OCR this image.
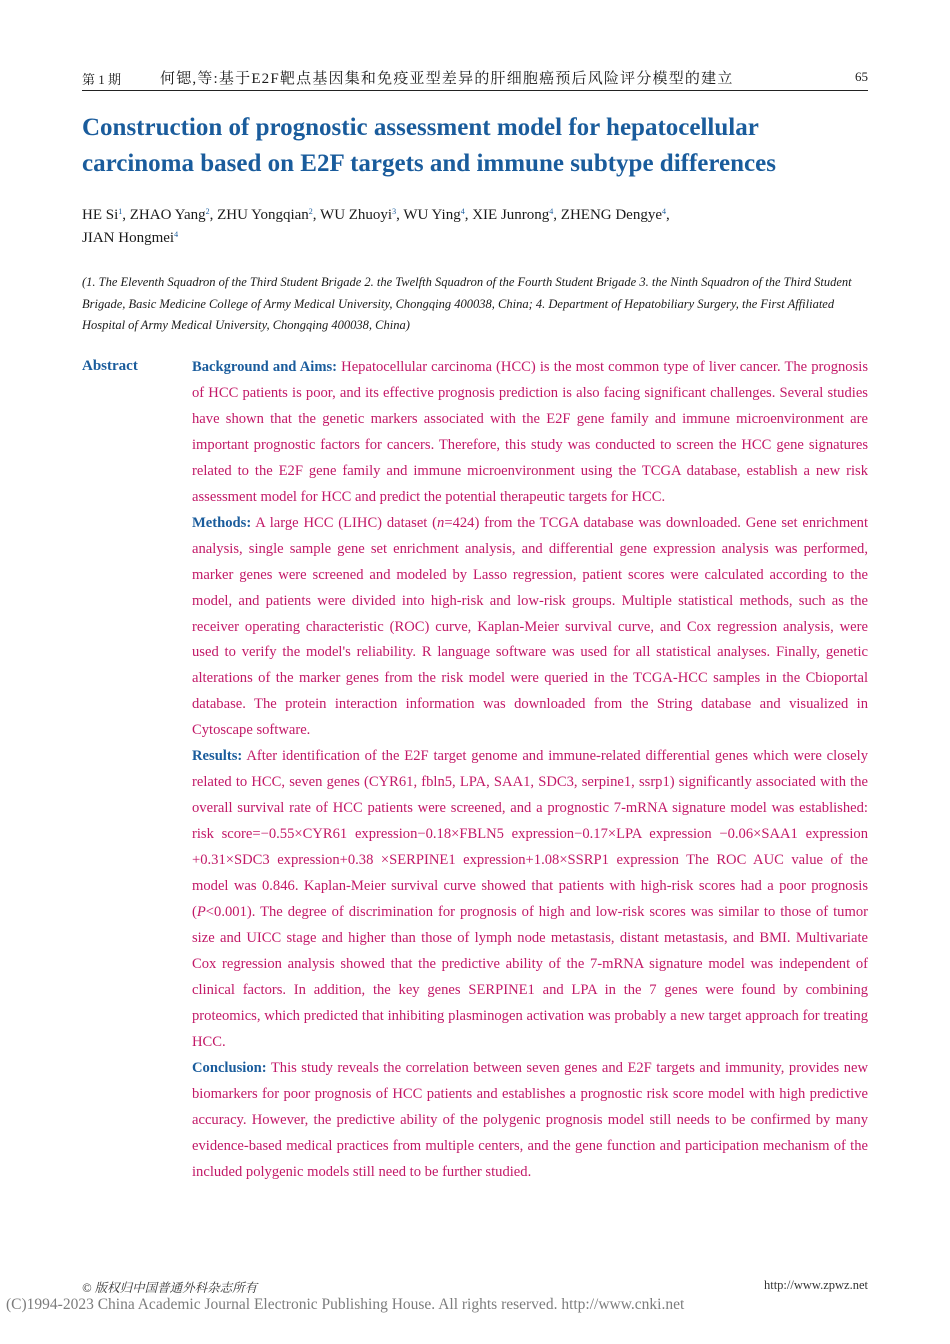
第 1 期	何锶,等:基于E2F靶点基因集和免疫亚型差异的肝细胞癌预后风险评分模型的建立	65
Construction of prognostic assessment model for hepatocellular
carcinoma based on E2F targets and immune subtype differences
HE Si$^1$, ZHAO Yang$^2$, ZHU Yongqian$^2$, WU Zhuoyi$^3$, WU Ying$^4$, XIE Junrong$^4$, ZHENG Dengye$^4$,
JIAN Hongmei$^4$
(1. The Eleventh Squadron of the Third Student Brigade 2. the Twelfth Squadron of the Fourth Student Brigade 3. the Ninth Squadron of the Third Student Brigade, Basic Medicine College of Army Medical University, Chongqing 400038, China; 4. Department of Hepatobiliary Surgery, the First Affiliated Hospital of Army Medical University, Chongqing 400038, China)
Abstract	Background and Aims: Hepatocellular carcinoma (HCC) is the most common type of liver cancer. The prognosis of HCC patients is poor, and its effective prognosis prediction is also facing significant challenges. Several studies have shown that the genetic markers associated with the E2F gene family and immune microenvironment are important prognostic factors for cancers. Therefore, this study was conducted to screen the HCC gene signatures related to the E2F gene family and immune microenvironment using the TCGA database, establish a new risk assessment model for HCC and predict the potential therapeutic targets for HCC.

Methods: A large HCC (LIHC) dataset (n=424) from the TCGA database was downloaded. Gene set enrichment analysis, single sample gene set enrichment analysis, and differential gene expression analysis was performed, marker genes were screened and modeled by Lasso regression, patient scores were calculated according to the model, and patients were divided into high-risk and low-risk groups. Multiple statistical methods, such as the receiver operating characteristic (ROC) curve, Kaplan-Meier survival curve, and Cox regression analysis, were used to verify the model's reliability. R language software was used for all statistical analyses. Finally, genetic alterations of the marker genes from the risk model were queried in the TCGA-HCC samples in the Cbioportal database. The protein interaction information was downloaded from the String database and visualized in Cytoscape software.

Results: After identification of the E2F target genome and immune-related differential genes which were closely related to HCC, seven genes (CYR61, fbln5, LPA, SAA1, SDC3, serpine1, ssrp1) significantly associated with the overall survival rate of HCC patients were screened, and a prognostic 7-mRNA signature model was established: risk score=−0.55×CYR61 expression−0.18×FBLN5 expression−0.17×LPA expression −0.06×SAA1 expression +0.31×SDC3 expression+0.38 ×SERPINE1 expression+1.08×SSRP1 expression The ROC AUC value of the model was 0.846. Kaplan-Meier survival curve showed that patients with high-risk scores had a poor prognosis (P<0.001). The degree of discrimination for prognosis of high and low-risk scores was similar to those of tumor size and UICC stage and higher than those of lymph node metastasis, distant metastasis, and BMI. Multivariate Cox regression analysis showed that the predictive ability of the 7-mRNA signature model was independent of clinical factors. In addition, the key genes SERPINE1 and LPA in the 7 genes were found by combining proteomics, which predicted that inhibiting plasminogen activation was probably a new target approach for treating HCC.

Conclusion: This study reveals the correlation between seven genes and E2F targets and immunity, provides new biomarkers for poor prognosis of HCC patients and establishes a prognostic risk score model with high predictive accuracy. However, the predictive ability of the polygenic prognosis model still needs to be confirmed by many evidence-based medical practices from multiple centers, and the gene function and participation mechanism of the included polygenic models still need to be further studied.

© 版权归中国普通外科杂志所有	http://www.zpwz.net
(C)1994-2023 China Academic Journal Electronic Publishing House. All rights reserved. http://www.cnki.net
